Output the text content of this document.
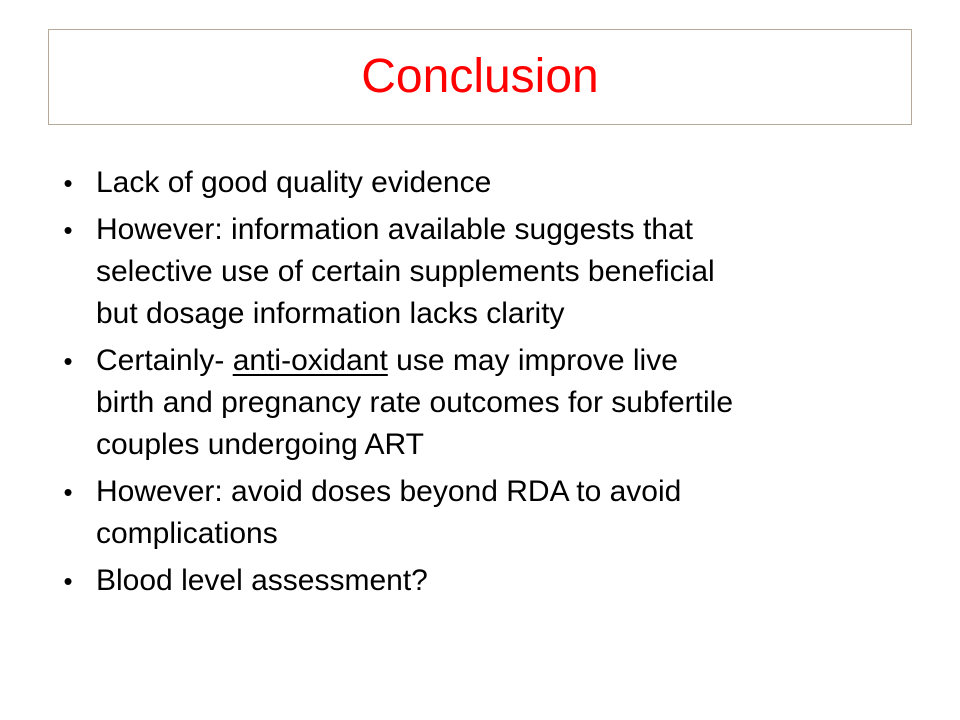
Conclusion
• Lack of good quality evidence
• However: information available suggests that
selective use of certain supplements beneficial
but dosage information lacks clarity
• Certainly- anti-oxidant use may improve live
birth and pregnancy rate outcomes for subfertile
couples undergoing ART
• However: avoid doses beyond RDA to avoid
complications
• Blood level assessment?
